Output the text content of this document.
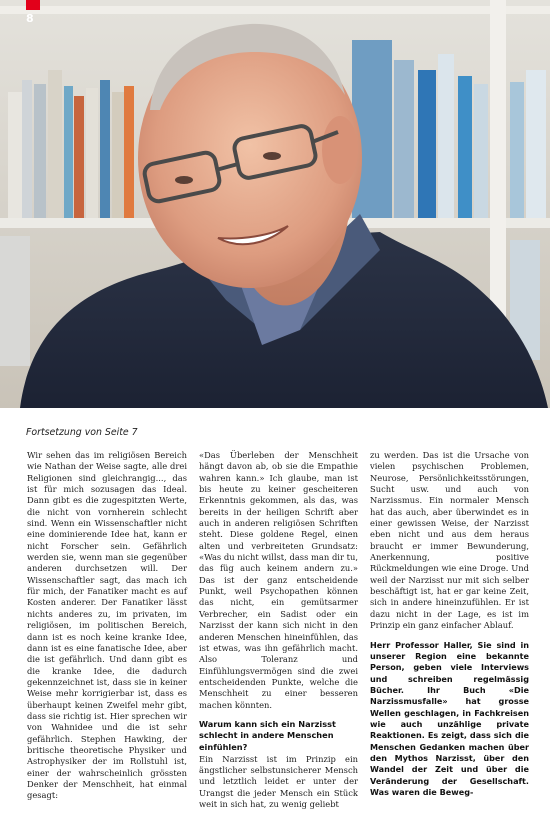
8
Fortsetzung von Seite 7

Wir sehen das im religiösen Bereich wie Nathan der Weise sagte, alle drei Religionen sind gleichrangig..., das ist für mich sozusagen das Ideal. Dann gibt es die zugespitzten Werte, die nicht von vornherein schlecht sind. Wenn ein Wissenschaftler nicht eine dominierende Idee hat, kann er nicht Forscher sein. Gefährlich werden sie, wenn man sie gegenüber anderen durchsetzen will. Der Wissenschaftler sagt, das mach ich für mich, der Fanatiker macht es auf Kosten anderer. Der Fanatiker lässt nichts anderes zu, im privaten, im religiösen, im politischen Bereich, dann ist es noch keine kranke Idee, dann ist es eine fanatische Idee, aber die ist gefährlich. Und dann gibt es die kranke Idee, die dadurch gekennzeichnet ist, dass sie in keiner Weise mehr korrigierbar ist, dass es überhaupt keinen Zweifel mehr gibt, dass sie richtig ist. Hier sprechen wir von Wahnidee und die ist sehr gefährlich. Stephen Hawking, der britische theoretische Physiker und Astrophysiker der im Rollstuhl ist, einer der wahrscheinlich grössten Denker der Menschheit, hat einmal gesagt:

«Das Überleben der Menschheit hängt davon ab, ob sie die Empathie wahren kann.» Ich glaube, man ist bis heute zu keiner gescheiteren Erkenntnis gekommen, als das, was bereits in der heiligen Schrift aber auch in anderen religiösen Schriften steht. Diese goldene Regel, einen alten und verbreiteten Grundsatz: «Was du nicht willst, dass man dir tu, das füg auch keinem andern zu.» Das ist der ganz entscheidende Punkt, weil Psychopathen können das nicht, ein gemütsarmer Verbrecher, ein Sadist oder ein Narzisst der kann sich nicht in den anderen Menschen hineinfühlen, das ist etwas, was ihn gefährlich macht. Also Toleranz und Einfühlungsvermögen sind die zwei entscheidenden Punkte, welche die Menschheit zu einer besseren machen könnten.

Warum kann sich ein Narzisst schlecht in andere Menschen einfühlen?

Ein Narzisst ist im Prinzip ein ängstlicher selbstunsicherer Mensch und letztlich leidet er unter der Urangst die jeder Mensch ein Stück weit in sich hat, zu wenig geliebt

zu werden. Das ist die Ursache von vielen psychischen Problemen, Neurose, Persönlichkeitsstörungen, Sucht usw. und auch von Narzissmus. Ein normaler Mensch hat das auch, aber überwindet es in einer gewissen Weise, der Narzisst eben nicht und aus dem heraus braucht er immer Bewunderung, Anerkennung, positive Rückmeldungen wie eine Droge. Und weil der Narzisst nur mit sich selber beschäftigt ist, hat er gar keine Zeit, sich in andere hineinzufühlen. Er ist dazu nicht in der Lage, es ist im Prinzip ein ganz einfacher Ablauf.

Herr Professor Haller, Sie sind in unserer Region eine bekannte Person, geben viele Interviews und schreiben regelmässig Bücher. Ihr Buch «Die Narzissmusfalle» hat grosse Wellen geschlagen, in Fachkreisen wie auch unzählige private Reaktionen. Es zeigt, dass sich die Menschen Gedanken machen über den Mythos Narzisst, über den Wandel der Zeit und über die Veränderung der Gesellschaft. Was waren die Beweg-
